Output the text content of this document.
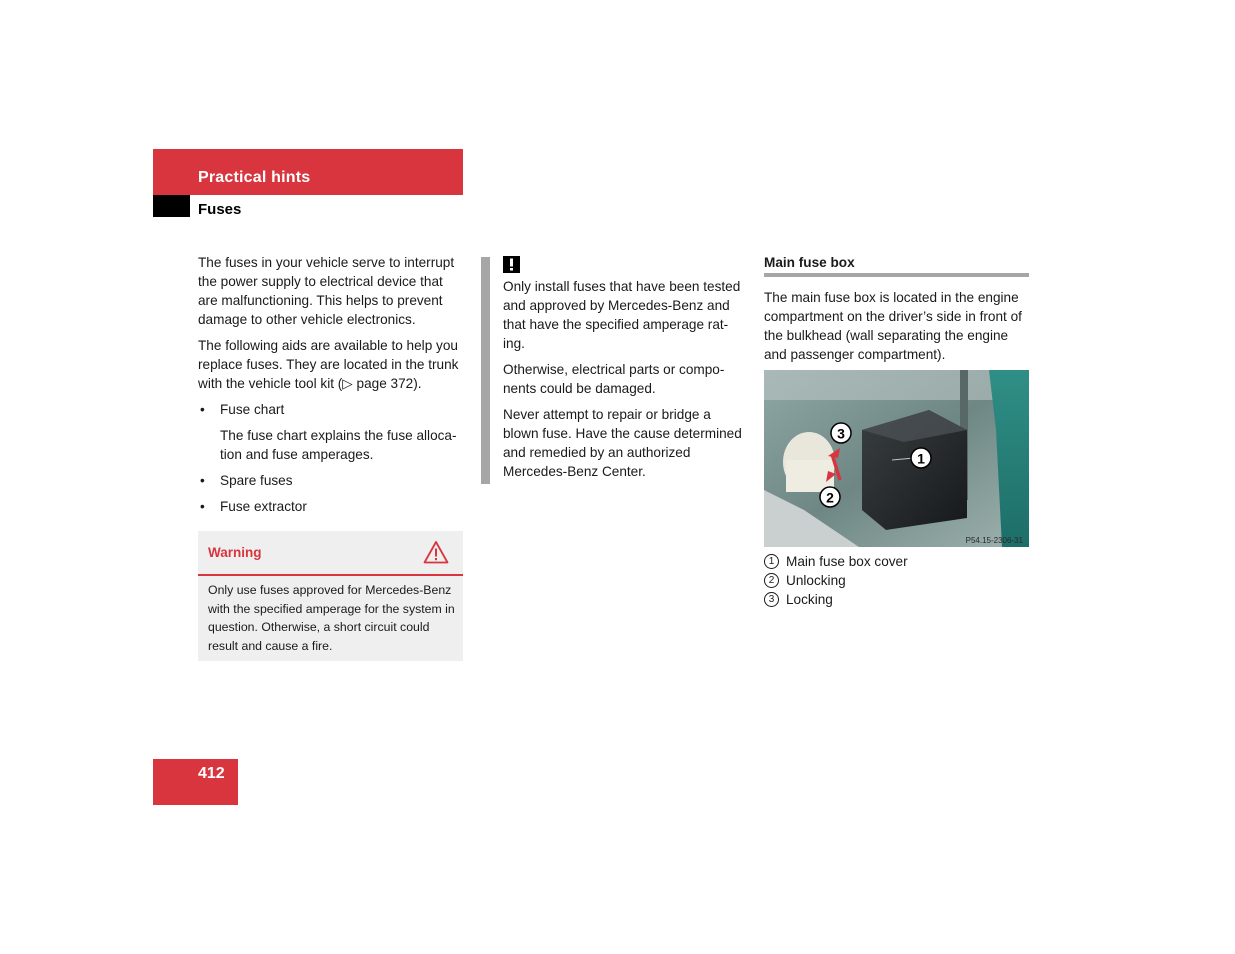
Practical hints
Fuses

The fuses in your vehicle serve to interrupt the power supply to electrical device that are malfunctioning. This helps to prevent damage to other vehicle electronics.

The following aids are available to help you replace fuses. They are located in the trunk with the vehicle tool kit (▷ page 372).

• Fuse chart
The fuse chart explains the fuse alloca-tion and fuse amperages.
• Spare fuses
• Fuse extractor
Warning
Only use fuses approved for Mercedes-Benz with the specified amperage for the system in question. Otherwise, a short circuit could result and cause a fire.

Only install fuses that have been tested and approved by Mercedes-Benz and that have the specified amperage rat-ing.

Otherwise, electrical parts or compo-nents could be damaged.

Never attempt to repair or bridge a blown fuse. Have the cause determined and remedied by an authorized Mercedes-Benz Center.

Main fuse box

The main fuse box is located in the engine compartment on the driver’s side in front of the bulkhead (wall separating the engine and passenger compartment).
3
2
1
P54.15-2306-31
1 Main fuse box cover
2 Unlocking
3 Locking
412
